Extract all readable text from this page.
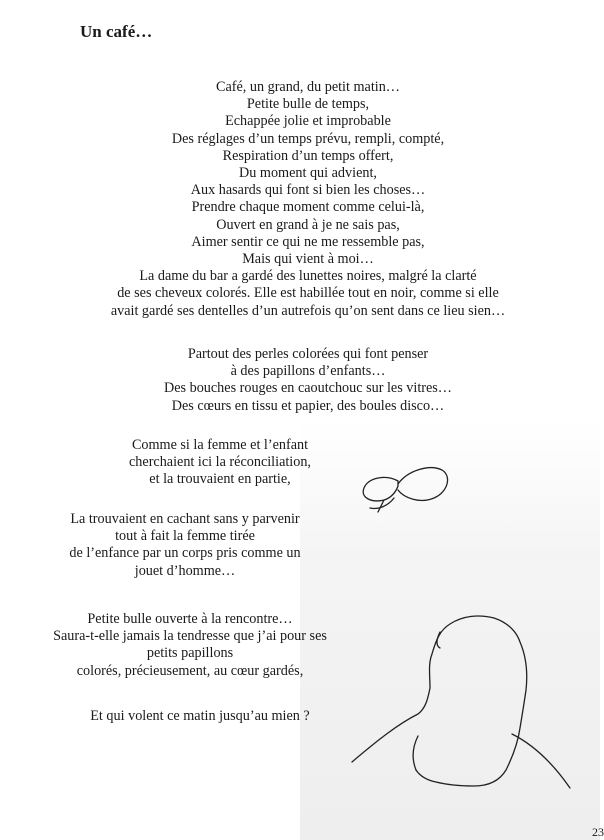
Un café…
Café, un grand, du petit matin…
Petite bulle de temps,
Echappée jolie et improbable
Des réglages d’un temps prévu, rempli, compté,
Respiration d’un temps offert,
Du moment qui advient,
Aux hasards qui font si bien les choses…
Prendre chaque moment comme celui-là,
Ouvert en grand à je ne sais pas,
Aimer sentir ce qui ne me ressemble pas,
Mais qui vient à moi…
La dame du bar a gardé des lunettes noires, malgré la clarté
de ses cheveux colorés. Elle est habillée tout en noir, comme si elle
avait gardé ses dentelles d’un autrefois qu’on sent dans ce lieu sien…
Partout des perles colorées qui font penser
à des papillons d’enfants…
Des bouches rouges en caoutchouc sur les vitres…
Des cœurs en tissu et papier, des boules disco…
Comme si la femme et l’enfant
cherchaient ici la réconciliation,
et la trouvaient en partie,
La trouvaient en cachant sans y parvenir
tout à fait la femme tirée
de l’enfance par un corps pris comme un
jouet d’homme…
Petite bulle ouverte à la rencontre…
Saura-t-elle jamais la tendresse que j’ai pour ses
petits papillons
colorés, précieusement, au cœur gardés,
Et qui volent ce matin jusqu’au mien ?
23
